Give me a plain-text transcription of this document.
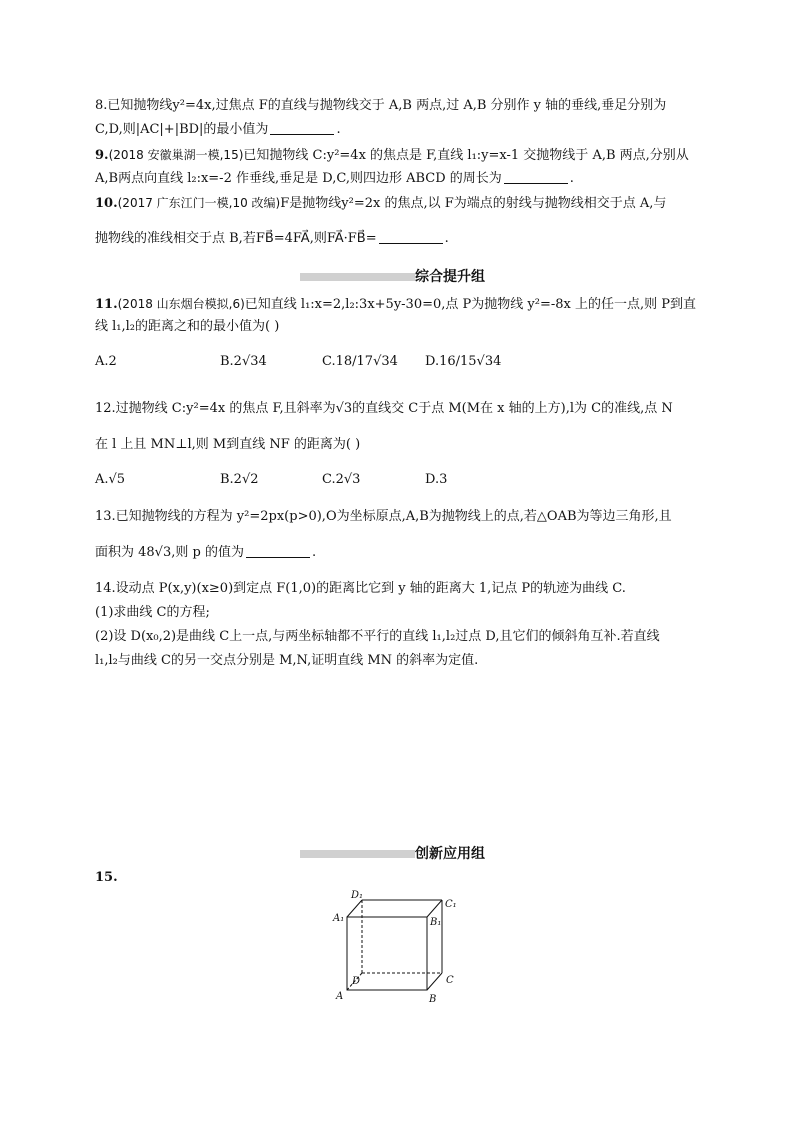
8.已知抛物线y²=4x,过焦点 F的直线与抛物线交于 A,B 两点,过 A,B 分别作 y 轴的垂线,垂足分别为
C,D,则|AC|+|BD|的最小值为	.
9.(2018 安徽巢湖一模,15)已知抛物线 C:y²=4x 的焦点是 F,直线 l₁:y=x-1 交抛物线于 A,B 两点,分别从
A,B两点向直线 l₂:x=-2 作垂线,垂足是 D,C,则四边形 ABCD 的周长为	.
10.(2017 广东江门一模,10 改编)F是抛物线y²=2x 的焦点,以 F为端点的射线与抛物线相交于点 A,与
抛物线的准线相交于点 B,若FB⃗=4FA⃗,则FA⃗·FB⃗=	.
综合提升组
11.(2018 山东烟台模拟,6)已知直线 l₁:x=2,l₂:3x+5y-30=0,点 P为抛物线 y²=-8x 上的任一点,则 P到直
线 l₁,l₂的距离之和的最小值为( )
A.2	B.2√34	C.18/17√34 D.16/15√34
12.过抛物线 C:y²=4x 的焦点 F,且斜率为√3的直线交 C于点 M(M在 x 轴的上方),l为 C的准线,点 N
在 l 上且 MN⊥l,则 M到直线 NF 的距离为( )
A.√5	B.2√2	C.2√3	D.3
13.已知抛物线的方程为 y²=2px(p>0),O为坐标原点,A,B为抛物线上的点,若△OAB为等边三角形,且
面积为 48√3,则 p 的值为	.
14.设动点 P(x,y)(x≥0)到定点 F(1,0)的距离比它到 y 轴的距离大 1,记点 P的轨迹为曲线 C.
(1)求曲线 C的方程;
(2)设 D(x₀,2)是曲线 C上一点,与两坐标轴都不平行的直线 l₁,l₂过点 D,且它们的倾斜角互补.若直线
l₁,l₂与曲线 C的另一交点分别是 M,N,证明直线 MN 的斜率为定值.
创新应用组
15.
A	B
C
D
A₁	B₁
C₁
D₁
